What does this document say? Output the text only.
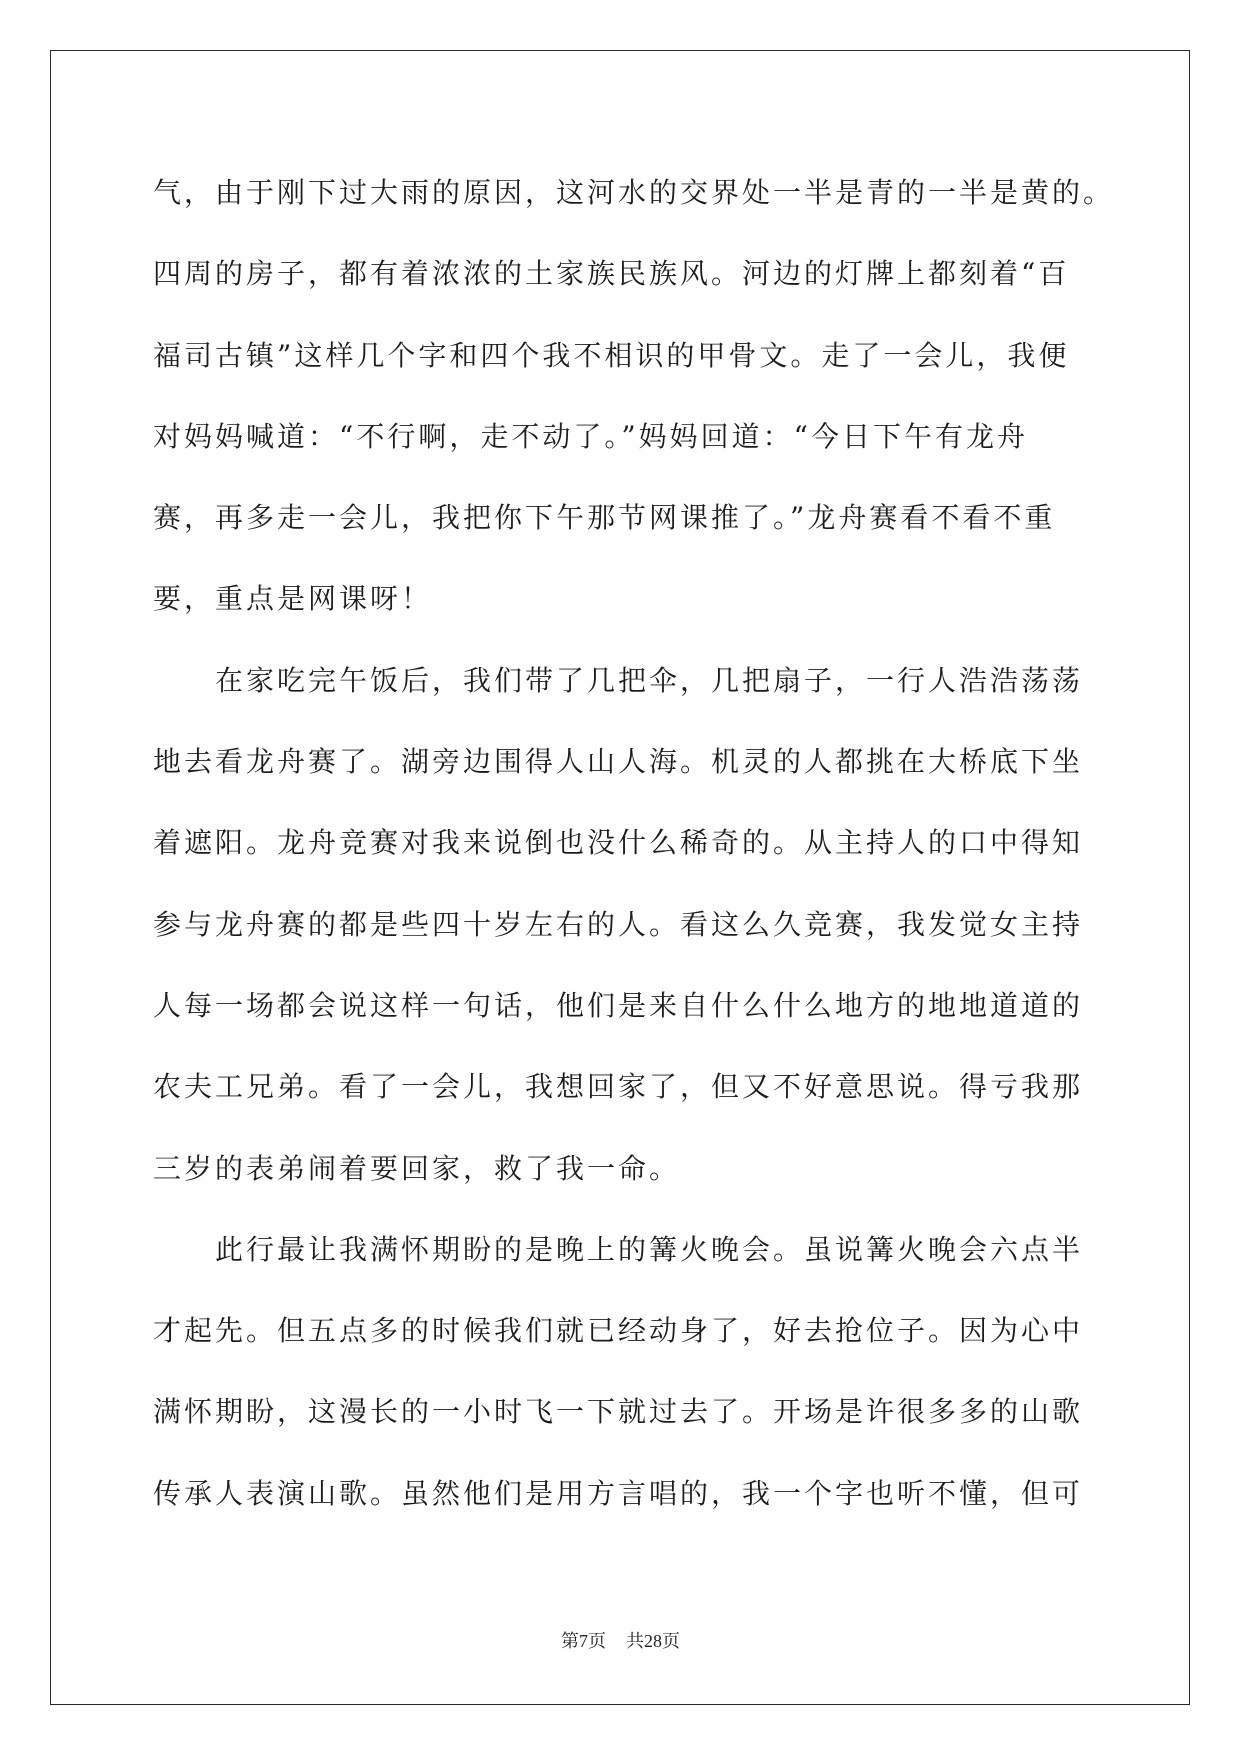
气，由于刚下过大雨的原因，这河水的交界处一半是青的一半是黄的。
四周的房子，都有着浓浓的土家族民族风。河边的灯牌上都刻着“百
福司古镇”这样几个字和四个我不相识的甲骨文。走了一会儿，我便
对妈妈喊道：“不行啊，走不动了。”妈妈回道：“今日下午有龙舟
赛，再多走一会儿，我把你下午那节网课推了。”龙舟赛看不看不重
要，重点是网课呀！
在家吃完午饭后，我们带了几把伞，几把扇子，一行人浩浩荡荡
地去看龙舟赛了。湖旁边围得人山人海。机灵的人都挑在大桥底下坐
着遮阳。龙舟竞赛对我来说倒也没什么稀奇的。从主持人的口中得知
参与龙舟赛的都是些四十岁左右的人。看这么久竞赛，我发觉女主持
人每一场都会说这样一句话，他们是来自什么什么地方的地地道道的
农夫工兄弟。看了一会儿，我想回家了，但又不好意思说。得亏我那
三岁的表弟闹着要回家，救了我一命。
此行最让我满怀期盼的是晚上的篝火晚会。虽说篝火晚会六点半
才起先。但五点多的时候我们就已经动身了，好去抢位子。因为心中
满怀期盼，这漫长的一小时飞一下就过去了。开场是许很多多的山歌
传承人表演山歌。虽然他们是用方言唱的，我一个字也听不懂，但可
第7页 共28页
